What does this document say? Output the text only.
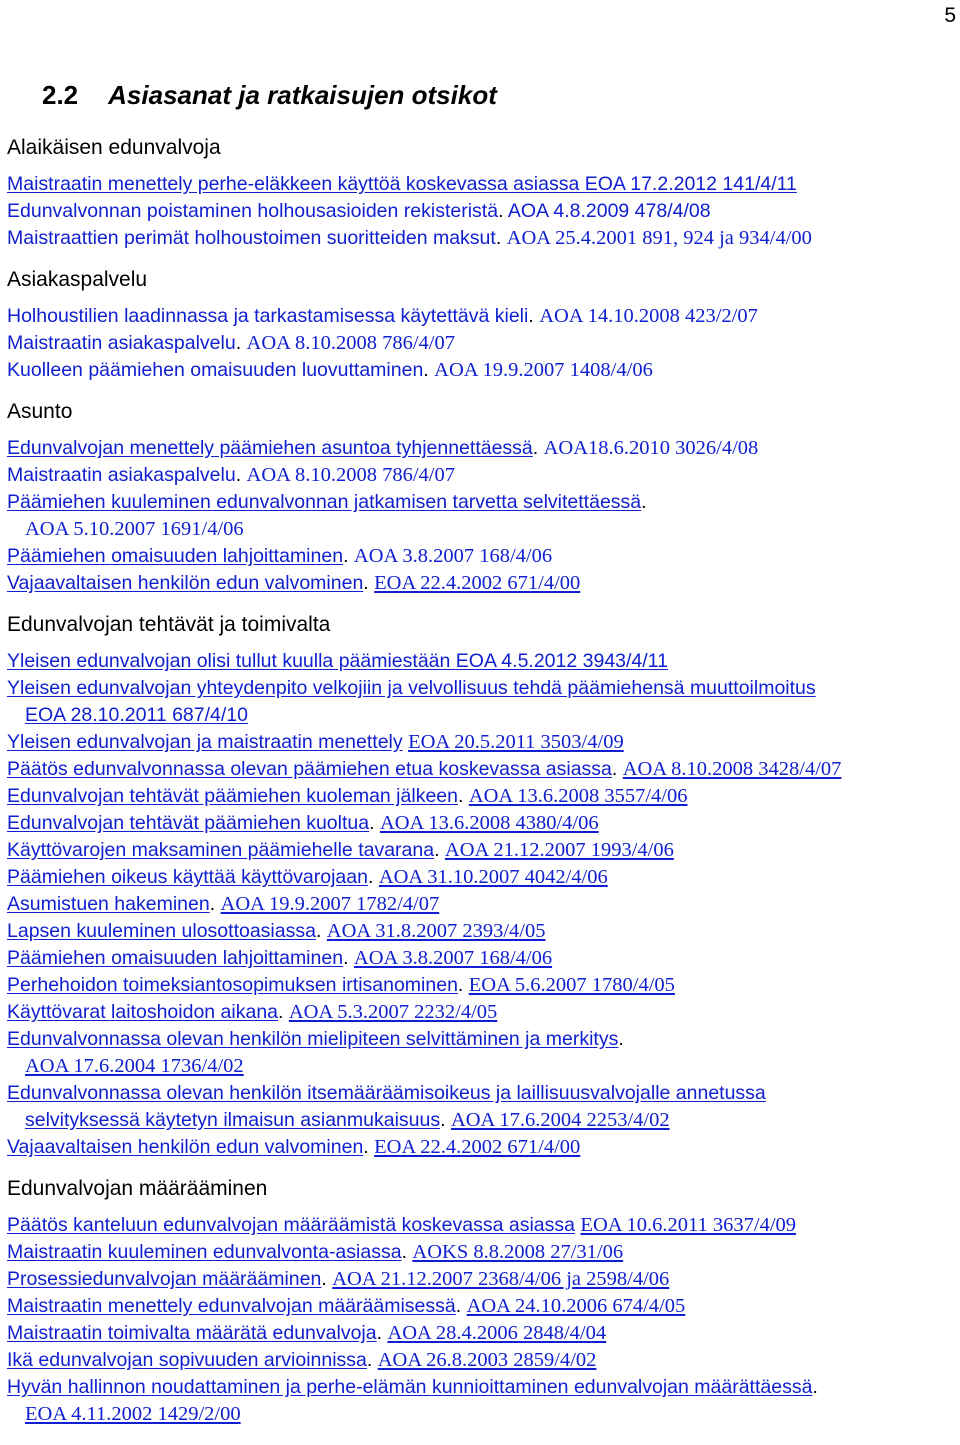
5
2.2 Asiasanat ja ratkaisujen otsikot
Alaikäisen edunvalvoja
Maistraatin menettely perhe-eläkkeen käyttöä koskevassa asiassa EOA 17.2.2012 141/4/11
Edunvalvonnan poistaminen holhousasioiden rekisteristä. AOA 4.8.2009 478/4/08
Maistraattien perimät holhoustoimen suoritteiden maksut. AOA 25.4.2001 891, 924 ja 934/4/00
Asiakaspalvelu
Holhoustilien laadinnassa ja tarkastamisessa käytettävä kieli. AOA 14.10.2008 423/2/07
Maistraatin asiakaspalvelu. AOA 8.10.2008 786/4/07
Kuolleen päämiehen omaisuuden luovuttaminen. AOA 19.9.2007 1408/4/06
Asunto
Edunvalvojan menettely päämiehen asuntoa tyhjennettäessä. AOA18.6.2010 3026/4/08
Maistraatin asiakaspalvelu. AOA 8.10.2008 786/4/07
Päämiehen kuuleminen edunvalvonnan jatkamisen tarvetta selvitettäessä.
AOA 5.10.2007 1691/4/06
Päämiehen omaisuuden lahjoittaminen. AOA 3.8.2007 168/4/06
Vajaavaltaisen henkilön edun valvominen. EOA 22.4.2002 671/4/00
Edunvalvojan tehtävät ja toimivalta
Yleisen edunvalvojan olisi tullut kuulla päämiestään EOA 4.5.2012 3943/4/11
Yleisen edunvalvojan yhteydenpito velkojiin ja velvollisuus tehdä päämiehensä muuttoilmoitus
EOA 28.10.2011 687/4/10
Yleisen edunvalvojan ja maistraatin menettely EOA 20.5.2011 3503/4/09
Päätös edunvalvonnassa olevan päämiehen etua koskevassa asiassa. AOA 8.10.2008 3428/4/07
Edunvalvojan tehtävät päämiehen kuoleman jälkeen. AOA 13.6.2008 3557/4/06
Edunvalvojan tehtävät päämiehen kuoltua. AOA 13.6.2008 4380/4/06
Käyttövarojen maksaminen päämiehelle tavarana. AOA 21.12.2007 1993/4/06
Päämiehen oikeus käyttää käyttövarojaan. AOA 31.10.2007 4042/4/06
Asumistuen hakeminen. AOA 19.9.2007 1782/4/07
Lapsen kuuleminen ulosottoasiassa. AOA 31.8.2007 2393/4/05
Päämiehen omaisuuden lahjoittaminen. AOA 3.8.2007 168/4/06
Perhehoidon toimeksiantosopimuksen irtisanominen. EOA 5.6.2007 1780/4/05
Käyttövarat laitoshoidon aikana. AOA 5.3.2007 2232/4/05
Edunvalvonnassa olevan henkilön mielipiteen selvittäminen ja merkitys.
AOA 17.6.2004 1736/4/02
Edunvalvonnassa olevan henkilön itsemääräämisoikeus ja laillisuusvalvojalle annetussa
selvityksessä käytetyn ilmaisun asianmukaisuus. AOA 17.6.2004 2253/4/02
Vajaavaltaisen henkilön edun valvominen. EOA 22.4.2002 671/4/00
Edunvalvojan määrääminen
Päätös kanteluun edunvalvojan määräämistä koskevassa asiassa EOA 10.6.2011 3637/4/09
Maistraatin kuuleminen edunvalvonta-asiassa. AOKS 8.8.2008 27/31/06
Prosessiedunvalvojan määrääminen. AOA 21.12.2007 2368/4/06 ja 2598/4/06
Maistraatin menettely edunvalvojan määräämisessä. AOA 24.10.2006 674/4/05
Maistraatin toimivalta määrätä edunvalvoja. AOA 28.4.2006 2848/4/04
Ikä edunvalvojan sopivuuden arvioinnissa. AOA 26.8.2003 2859/4/02
Hyvän hallinnon noudattaminen ja perhe-elämän kunnioittaminen edunvalvojan määrättäessä.
EOA 4.11.2002 1429/2/00
